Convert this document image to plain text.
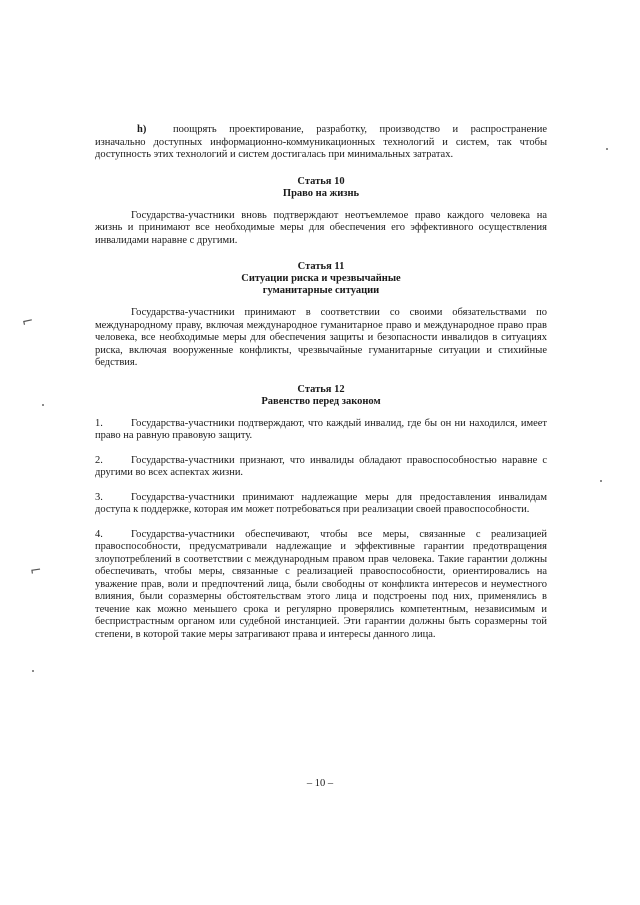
⌐
⌐

h)	поощрять проектирование, разработку, производство и распространение изначально доступных информационно-коммуникационных технологий и систем, так чтобы доступность этих технологий и систем достигалась при минимальных затратах.

Статья 10
Право на жизнь

Государства-участники вновь подтверждают неотъемлемое право каждого человека на жизнь и принимают все необходимые меры для обеспечения его эффективного осуществления инвалидами наравне с другими.

Статья 11
Ситуации риска и чрезвычайные
гуманитарные ситуации

Государства-участники принимают в соответствии со своими обязательствами по международному праву, включая международное гуманитарное право и международное право прав человека, все необходимые меры для обеспечения защиты и безопасности инвалидов в ситуациях риска, включая вооруженные конфликты, чрезвычайные гуманитарные ситуации и стихийные бедствия.

Статья 12
Равенство перед законом

1.	Государства-участники подтверждают, что каждый инвалид, где бы он ни находился, имеет право на равную правовую защиту.

2.	Государства-участники признают, что инвалиды обладают правоспособностью наравне с другими во всех аспектах жизни.

3.	Государства-участники принимают надлежащие меры для предоставления инвалидам доступа к поддержке, которая им может потребоваться при реализации своей правоспособности.

4.	Государства-участники обеспечивают, чтобы все меры, связанные с реализацией правоспособности, предусматривали надлежащие и эффективные гарантии предотвращения злоупотреблений в соответствии с международным правом прав человека. Такие гарантии должны обеспечивать, чтобы меры, связанные с реализацией правоспособности, ориентировались на уважение прав, воли и предпочтений лица, были свободны от конфликта интересов и неуместного влияния, были соразмерны обстоятельствам этого лица и подстроены под них, применялись в течение как можно меньшего срока и регулярно проверялись компетентным, независимым и беспристрастным органом или судебной инстанцией. Эти гарантии должны быть соразмерны той степени, в которой такие меры затрагивают права и интересы данного лица.

– 10 –
